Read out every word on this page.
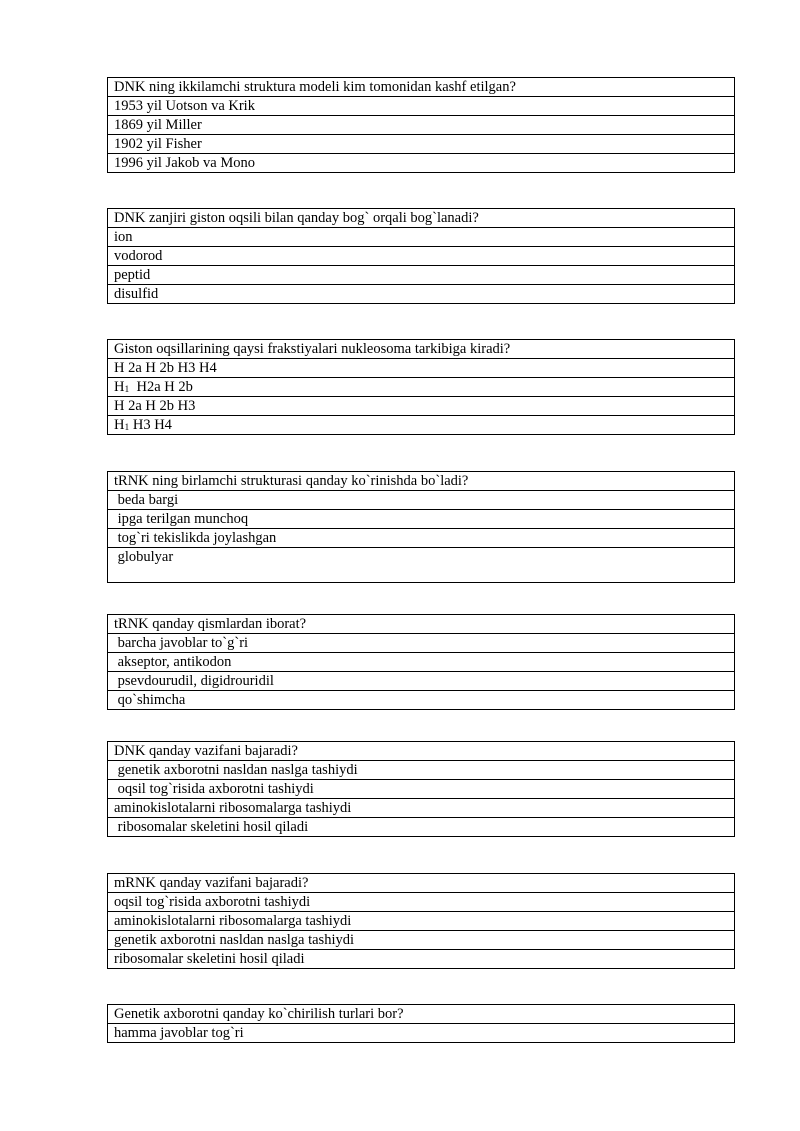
DNK ning ikkilamchi struktura modeli kim tomonidan kashf etilgan?
1953 yil Uotson va Krik
1869 yil Miller
1902 yil Fisher
1996 yil Jakob va Mono
DNK zanjiri giston oqsili bilan qanday bog` orqali bog`lanadi?
ion
vodorod
peptid
disulfid
Giston oqsillarining qaysi frakstiyalari nukleosoma tarkibiga kiradi?
H 2a H 2b H3 H4
H1  H2a H 2b
H 2a H 2b H3
H1 H3 H4
tRNK ning birlamchi strukturasi qanday ko`rinishda bo`ladi?
beda bargi
ipga terilgan munchoq
tog`ri tekislikda joylashgan
globulyar
tRNK qanday qismlardan iborat?
barcha javoblar to`g`ri
akseptor, antikodon
psevdourudil, digidrouridil
qo`shimcha
DNK qanday vazifani bajaradi?
genetik axborotni nasldan naslga tashiydi
oqsil tog`risida axborotni tashiydi
aminokislotalarni ribosomalarga tashiydi
ribosomalar skeletini hosil qiladi
mRNK qanday vazifani bajaradi?
oqsil tog`risida axborotni tashiydi
aminokislotalarni ribosomalarga tashiydi
genetik axborotni nasldan naslga tashiydi
ribosomalar skeletini hosil qiladi
Genetik axborotni qanday ko`chirilish turlari bor?
hamma javoblar tog`ri
